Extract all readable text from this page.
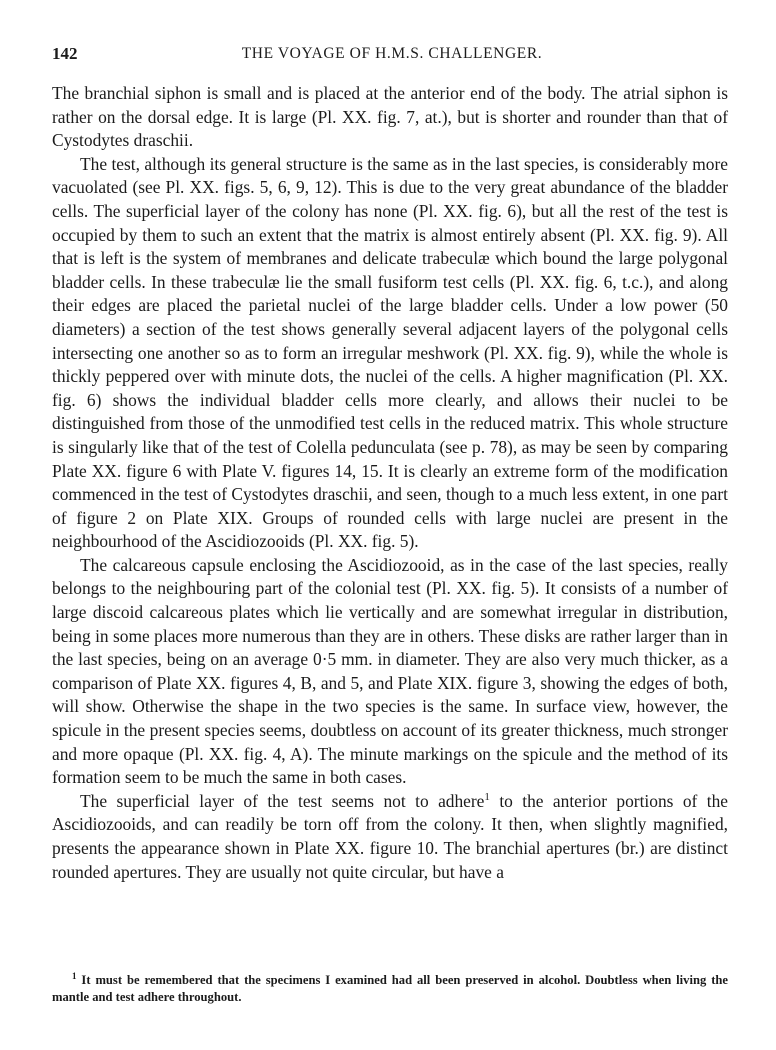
142	THE VOYAGE OF H.M.S. CHALLENGER.

The branchial siphon is small and is placed at the anterior end of the body. The atrial siphon is rather on the dorsal edge. It is large (Pl. XX. fig. 7, at.), but is shorter and rounder than that of Cystodytes draschii.

The test, although its general structure is the same as in the last species, is considerably more vacuolated (see Pl. XX. figs. 5, 6, 9, 12). This is due to the very great abundance of the bladder cells. The superficial layer of the colony has none (Pl. XX. fig. 6), but all the rest of the test is occupied by them to such an extent that the matrix is almost entirely absent (Pl. XX. fig. 9). All that is left is the system of membranes and delicate trabeculæ which bound the large polygonal bladder cells. In these trabeculæ lie the small fusiform test cells (Pl. XX. fig. 6, t.c.), and along their edges are placed the parietal nuclei of the large bladder cells. Under a low power (50 diameters) a section of the test shows generally several adjacent layers of the polygonal cells intersecting one another so as to form an irregular meshwork (Pl. XX. fig. 9), while the whole is thickly peppered over with minute dots, the nuclei of the cells. A higher magnification (Pl. XX. fig. 6) shows the individual bladder cells more clearly, and allows their nuclei to be distinguished from those of the unmodified test cells in the reduced matrix. This whole structure is singularly like that of the test of Colella pedunculata (see p. 78), as may be seen by comparing Plate XX. figure 6 with Plate V. figures 14, 15. It is clearly an extreme form of the modification commenced in the test of Cystodytes draschii, and seen, though to a much less extent, in one part of figure 2 on Plate XIX. Groups of rounded cells with large nuclei are present in the neighbourhood of the Ascidiozooids (Pl. XX. fig. 5).

The calcareous capsule enclosing the Ascidiozooid, as in the case of the last species, really belongs to the neighbouring part of the colonial test (Pl. XX. fig. 5). It consists of a number of large discoid calcareous plates which lie vertically and are somewhat irregular in distribution, being in some places more numerous than they are in others. These disks are rather larger than in the last species, being on an average 0·5 mm. in diameter. They are also very much thicker, as a comparison of Plate XX. figures 4, B, and 5, and Plate XIX. figure 3, showing the edges of both, will show. Otherwise the shape in the two species is the same. In surface view, however, the spicule in the present species seems, doubtless on account of its greater thickness, much stronger and more opaque (Pl. XX. fig. 4, A). The minute markings on the spicule and the method of its formation seem to be much the same in both cases.

The superficial layer of the test seems not to adhere$^1$ to the anterior portions of the Ascidiozooids, and can readily be torn off from the colony. It then, when slightly magnified, presents the appearance shown in Plate XX. figure 10. The branchial apertures (br.) are distinct rounded apertures. They are usually not quite circular, but have a

$^1$ It must be remembered that the specimens I examined had all been preserved in alcohol. Doubtless when living the mantle and test adhere throughout.
